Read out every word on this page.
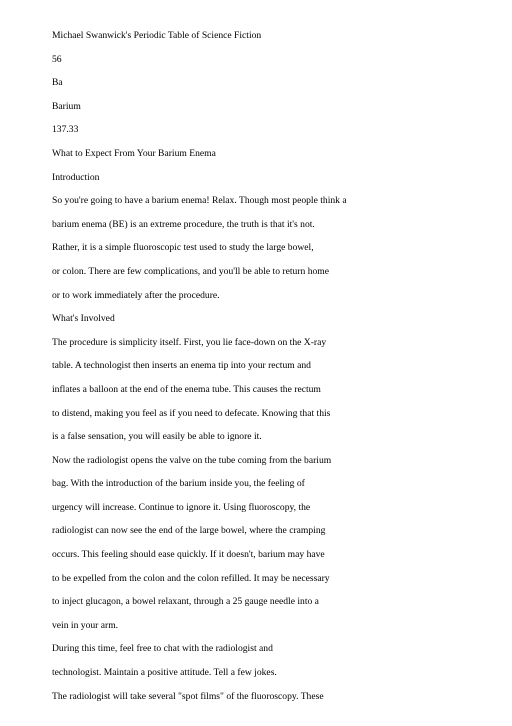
Michael Swanwick's Periodic Table of Science Fiction
56
Ba
Barium
137.33
What to Expect From Your Barium Enema
Introduction
So you're going to have a barium enema! Relax. Though most people think a
barium enema (BE) is an extreme procedure, the truth is that it's not.
Rather, it is a simple fluoroscopic test used to study the large bowel,
or colon. There are few complications, and you'll be able to return home
or to work immediately after the procedure.
What's Involved
The procedure is simplicity itself. First, you lie face-down on the X-ray
table. A technologist then inserts an enema tip into your rectum and
inflates a balloon at the end of the enema tube. This causes the rectum
to distend, making you feel as if you need to defecate. Knowing that this
is a false sensation, you will easily be able to ignore it.
Now the radiologist opens the valve on the tube coming from the barium
bag. With the introduction of the barium inside you, the feeling of
urgency will increase. Continue to ignore it. Using fluoroscopy, the
radiologist can now see the end of the large bowel, where the cramping
occurs. This feeling should ease quickly. If it doesn't, barium may have
to be expelled from the colon and the colon refilled. It may be necessary
to inject glucagon, a bowel relaxant, through a 25 gauge needle into a
vein in your arm.
During this time, feel free to chat with the radiologist and
technologist. Maintain a positive attitude. Tell a few jokes.
The radiologist will take several "spot films" of the fluoroscopy. These
